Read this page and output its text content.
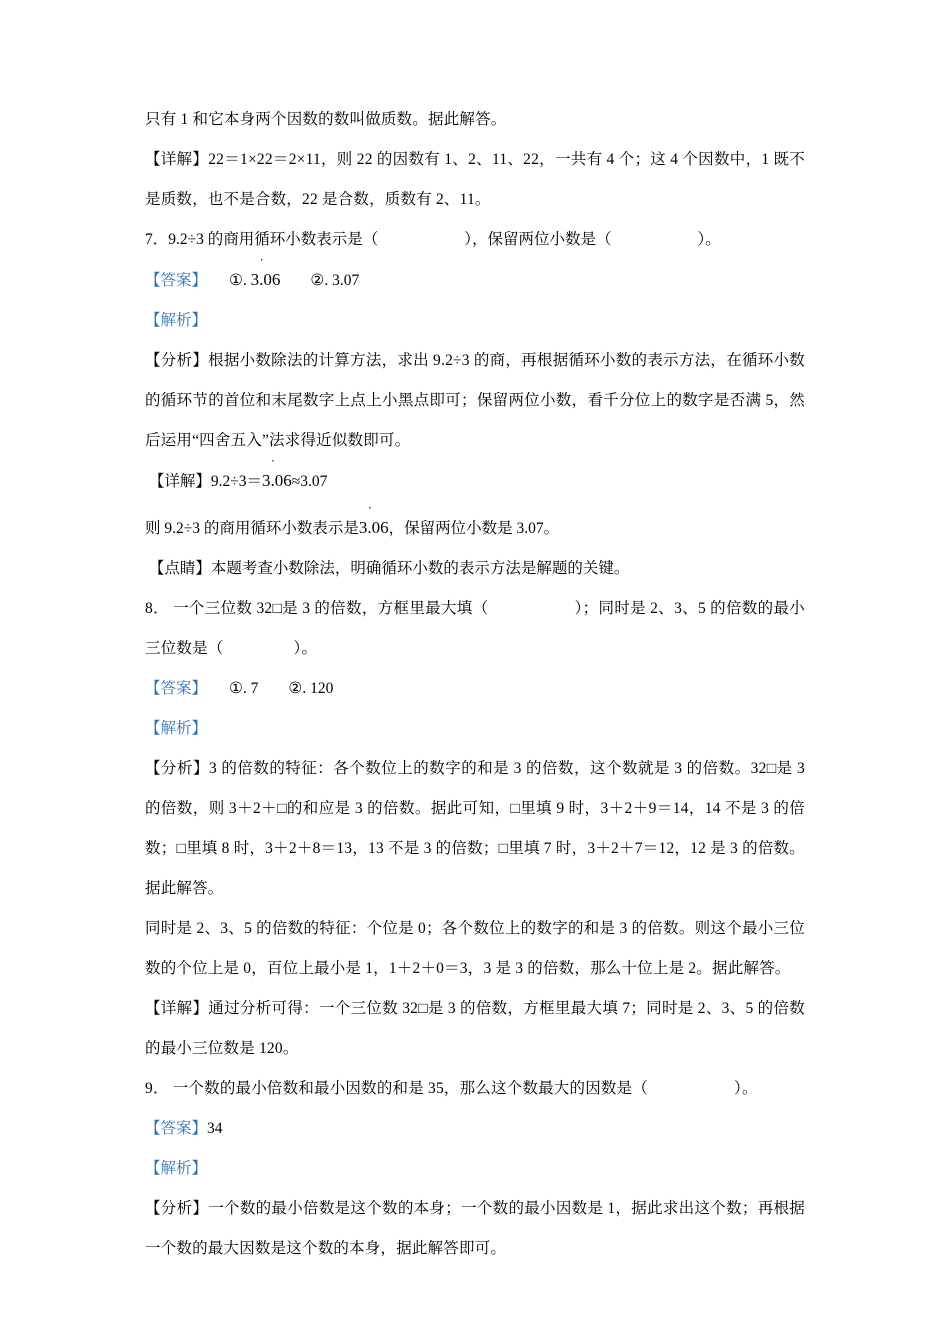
只有 1 和它本身两个因数的数叫做质数。据此解答。
【详解】22＝1×22＝2×11，则 22 的因数有 1、2、11、22，一共有 4 个；这 4 个因数中，1 既不是质数，也不是合数，22 是合数，质数有 2、11。
7．9.2÷3 的商用循环小数表示是（	），保留两位小数是（	）。
【答案】 ①.
．
3.06 ②. 3.07
【解析】
【分析】根据小数除法的计算方法，求出 9.2÷3 的商，再根据循环小数的表示方法，在循环小数的循环节的首位和末尾数字上点上小黑点即可；保留两位小数，看千分位上的数字是否满 5，然后运用“四舍五入”法求得近似数即可。
【详解】9.2÷3＝
．
3.06≈3.07
则 9.2÷3 的商用循环小数表示是
．
3.06，保留两位小数是 3.07。
【点睛】本题考查小数除法，明确循环小数的表示方法是解题的关键。
8． 一个三位数 32□是 3 的倍数，方框里最大填（	）；同时是 2、3、5 的倍数的最小三位数是（	）。
【答案】 ①. 7 ②. 120
【解析】
【分析】3 的倍数的特征：各个数位上的数字的和是 3 的倍数，这个数就是 3 的倍数。32□是 3 的倍数，则 3＋2＋□的和应是 3 的倍数。据此可知，□里填 9 时，3＋2＋9＝14，14 不是 3 的倍数；□里填 8 时，3＋2＋8＝13，13 不是 3 的倍数；□里填 7 时，3＋2＋7＝12，12 是 3 的倍数。据此解答。
同时是 2、3、5 的倍数的特征：个位是 0；各个数位上的数字的和是 3 的倍数。则这个最小三位数的个位上是 0，百位上最小是 1，1＋2＋0＝3，3 是 3 的倍数，那么十位上是 2。据此解答。
【详解】通过分析可得：一个三位数 32□是 3 的倍数，方框里最大填 7；同时是 2、3、5 的倍数的最小三位数是 120。
9． 一个数的最小倍数和最小因数的和是 35，那么这个数最大的因数是（	）。
【答案】34
【解析】
【分析】一个数的最小倍数是这个数的本身；一个数的最小因数是 1，据此求出这个数；再根据一个数的最大因数是这个数的本身，据此解答即可。
